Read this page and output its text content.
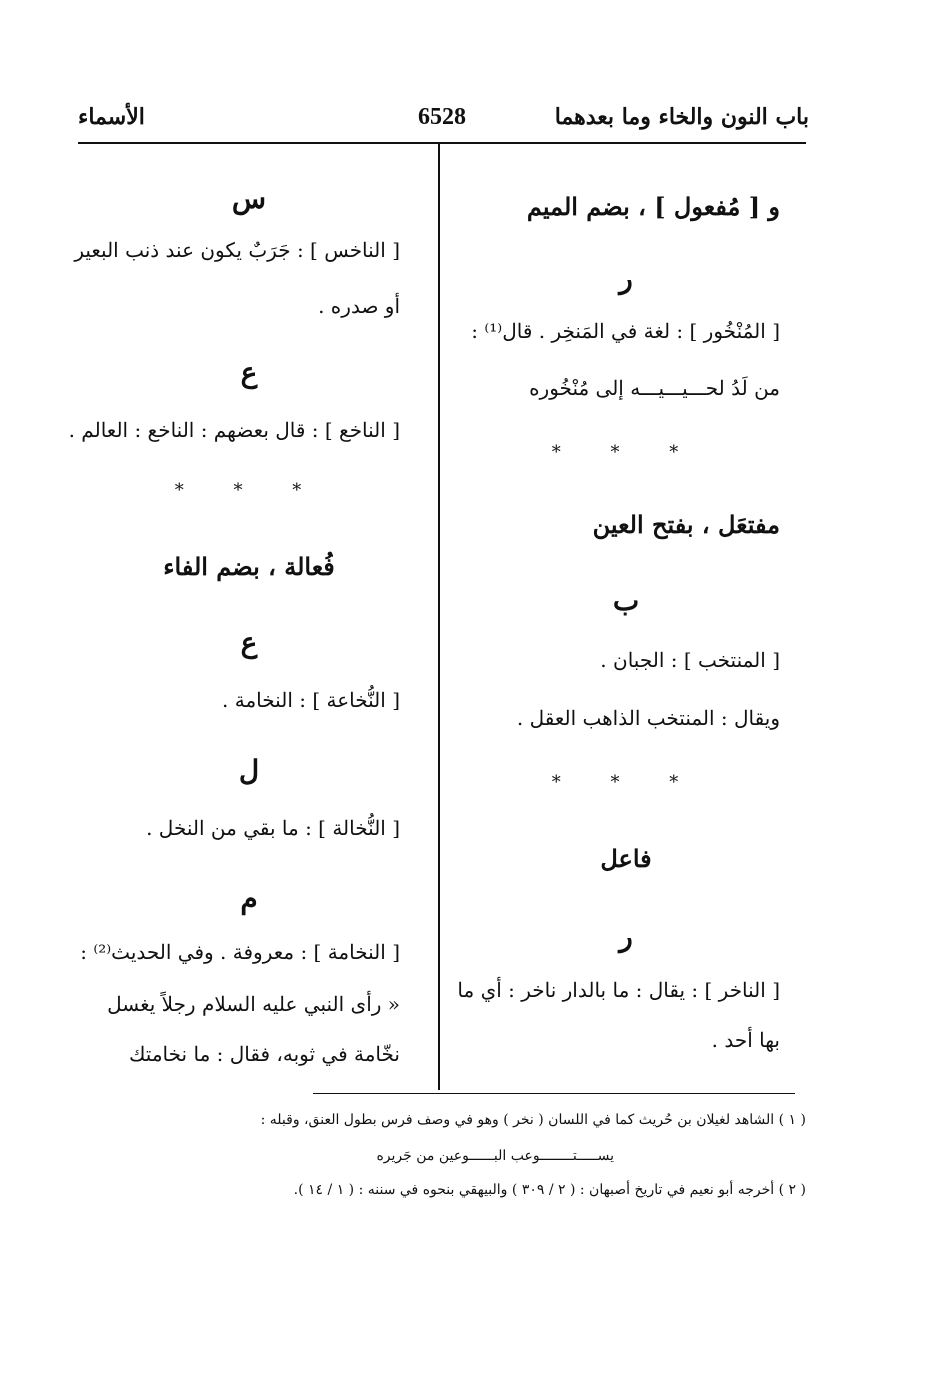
باب النون والخاء وما بعدهما
6528
الأسماء
و [ مُفعول ] ، بضم الميم
ر
[ المُنْخُور ] : لغة في المَنخِر . قال⁽¹⁾ :
من لَدُ لحـــيـــيـــه إلى مُنْخُوره
* * *
مفتعَل ، بفتح العين
ب
[ المنتخب ] : الجبان .
ويقال : المنتخب الذاهب العقل .
* * *
فاعل
ر
[ الناخر ] : يقال : ما بالدار ناخر : أي ما
بها أحد .
س
[ الناخس ] : جَرَبٌ يكون عند ذنب البعير
أو صدره .
ع
[ الناخع ] : قال بعضهم : الناخع : العالم .
* * *
فُعالة ، بضم الفاء
ع
[ النُّخاعة ] : النخامة .
ل
[ النُّخالة ] : ما بقي من النخل .
م
[ النخامة ] : معروفة . وفي الحديث⁽²⁾ :
« رأى النبي عليه السلام رجلاً يغسل
نخّامة في ثوبه، فقال : ما نخامتك
( ١ ) الشاهد لغيلان بن حُريث كما في اللسان ( نخر ) وهو في وصف فرس بطول العنق، وقبله :
يســـــتــــــــوعب البــــــوعين من جَريره
( ٢ ) أخرجه أبو نعيم في تاريخ أصبهان : ( ٢ / ٣٠٩ ) والبيهقي بنحوه في سننه : ( ١ / ١٤ ).
